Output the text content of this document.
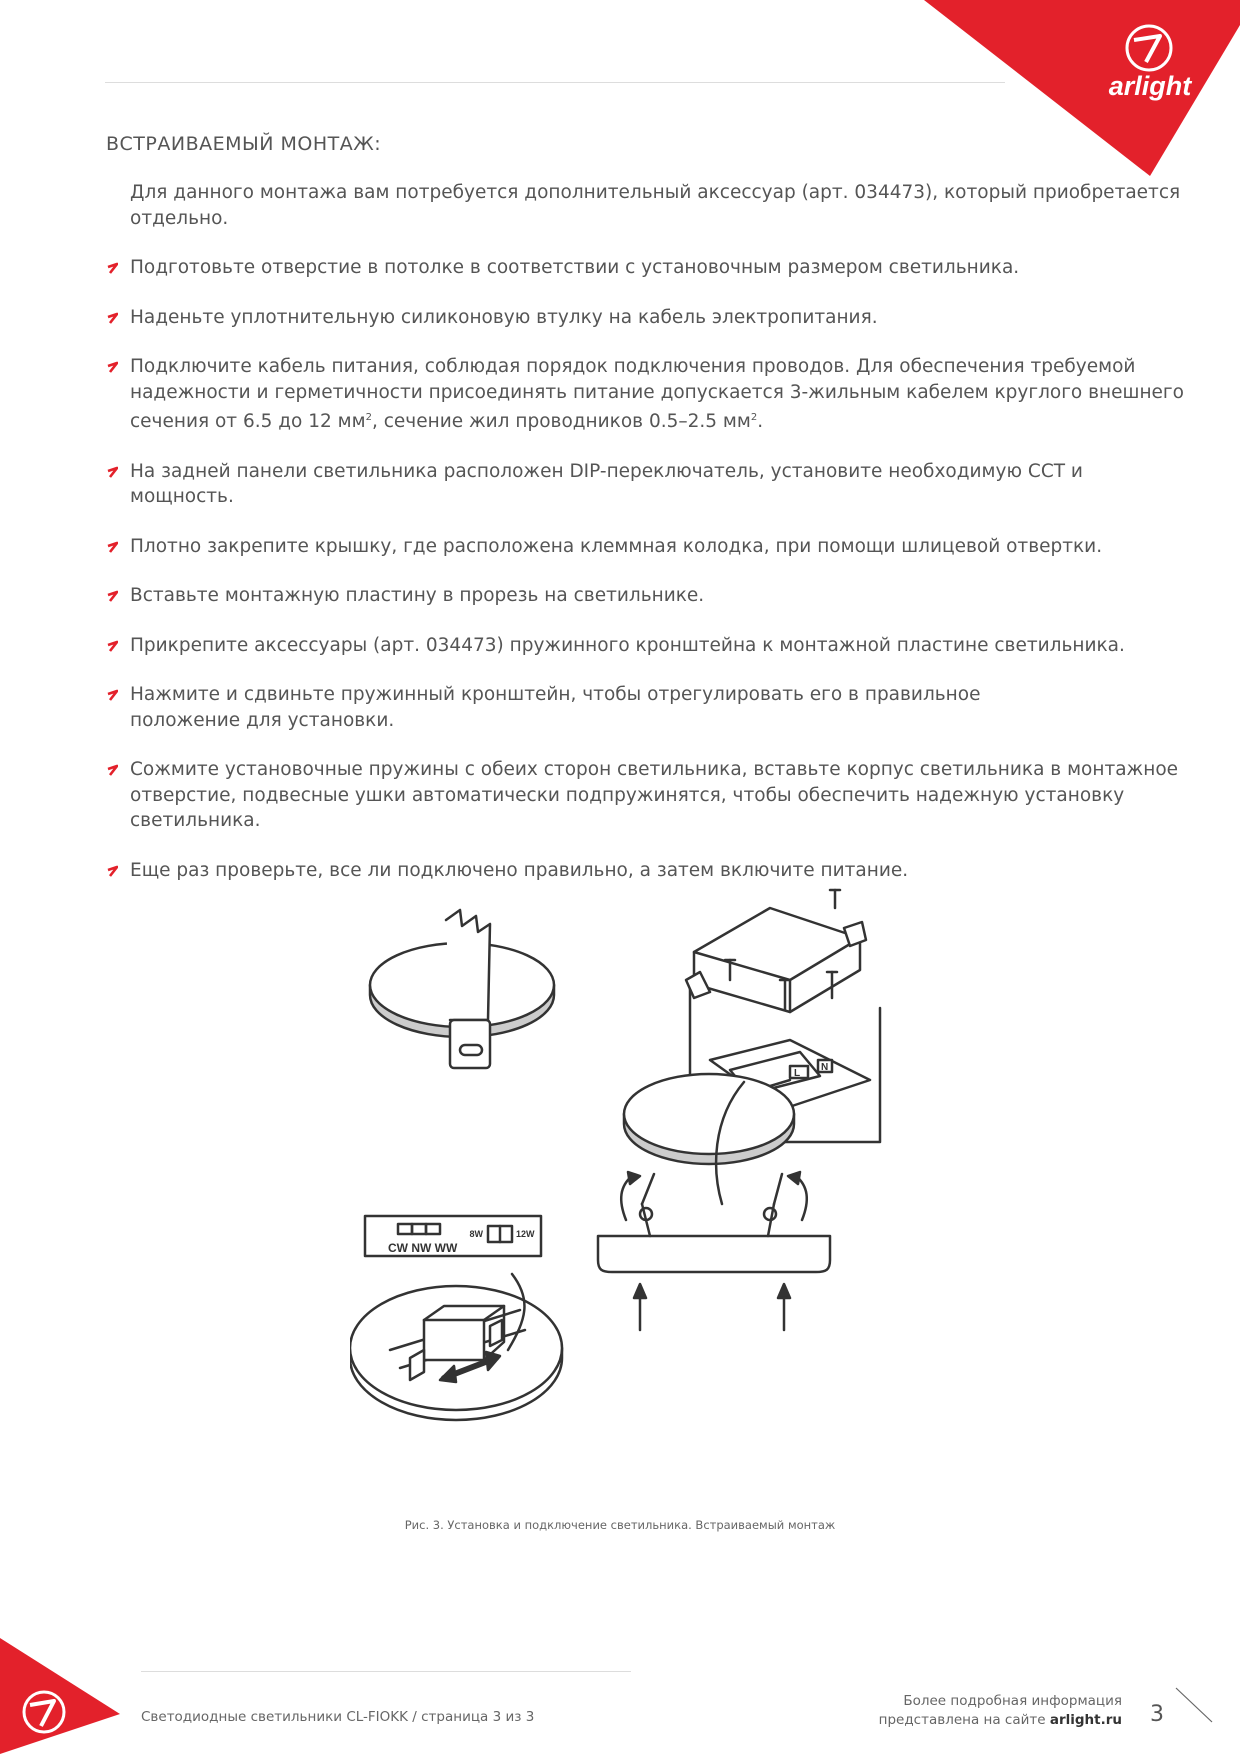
arlight
ВСТРАИВАЕМЫЙ МОНТАЖ:
Для данного монтажа вам потребуется дополнительный аксессуар (арт. 034473), который приобретается отдельно.
Подготовьте отверстие в потолке в соответствии с установочным размером светильника.
Наденьте уплотнительную силиконовую втулку на кабель электропитания.
Подключите кабель питания, соблюдая порядок подключения проводов. Для обеспечения требуемой надежности и герметичности присоединять питание допускается 3-жильным кабелем круглого внешнего сечения от 6.5 до 12 $мм^2$, сечение жил проводников 0.5–2.5 $мм^2$.
На задней панели светильника расположен DIP-переключатель, установите необходимую CCT и мощность.
Плотно закрепите крышку, где расположена клеммная колодка, при помощи шлицевой отвертки.
Вставьте монтажную пластину в прорезь на светильнике.
Прикрепите аксессуары (арт. 034473) пружинного кронштейна к монтажной пластине светильника.
Нажмите и сдвиньте пружинный кронштейн, чтобы отрегулировать его в правильное положение для установки.
Сожмите установочные пружины с обеих сторон светильника, вставьте корпус светильника в монтажное отверстие, подвесные ушки автоматически подпружинятся, чтобы обеспечить надежную установку светильника.
Еще раз проверьте, все ли подключено правильно, а затем включите питание.
CW NW WW
8W	12W
L
N
Рис. 3. Установка и подключение светильника. Встраиваемый монтаж
Светодиодные светильники CL-FIOKK / страница 3 из 3
Более подробная информация
представлена на сайте arlight.ru 3
